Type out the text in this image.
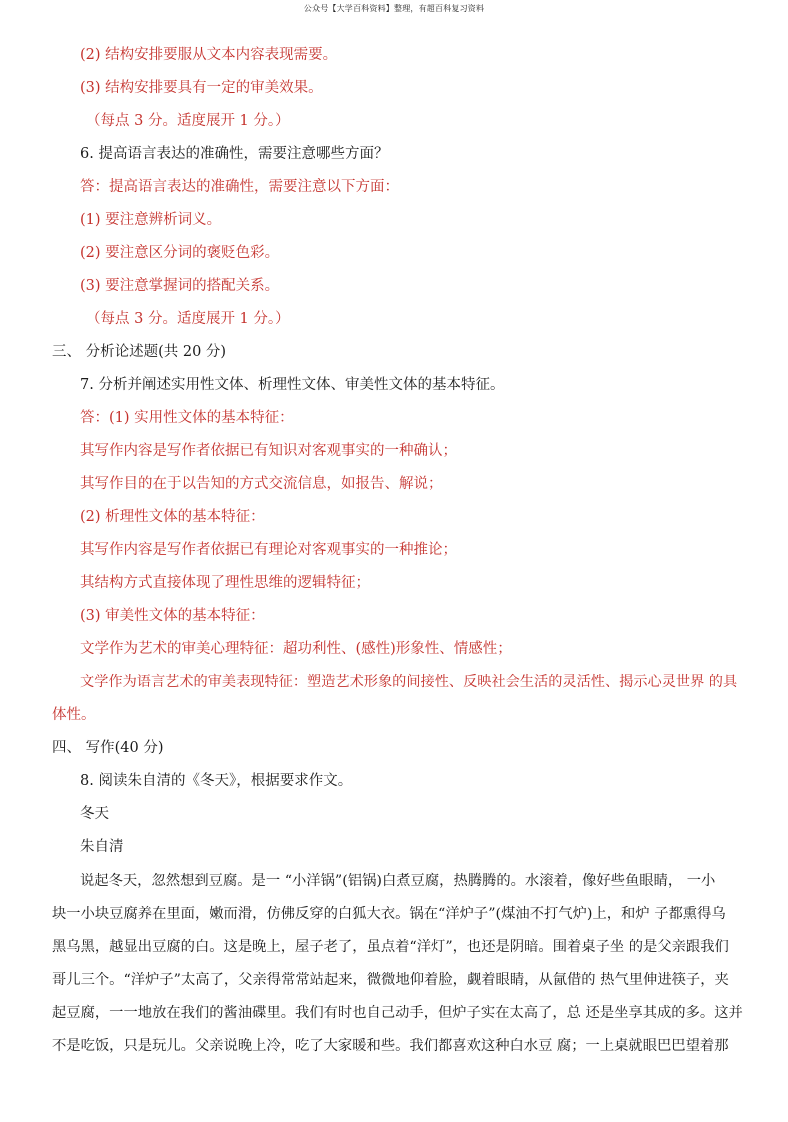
公众号【大学百科资料】整理，有超百科复习资料
(2) 结构安排要服从文本内容表现需要。
(3) 结构安排要具有一定的审美效果。
（每点 3 分。适度展开 1 分。）
6. 提高语言表达的准确性，需要注意哪些方面？
答：提高语言表达的准确性，需要注意以下方面：
(1) 要注意辨析词义。
(2) 要注意区分词的褒贬色彩。
(3) 要注意掌握词的搭配关系。
（每点 3 分。适度展开 1 分。）
三、 分析论述题(共 20 分)
7. 分析并阐述实用性文体、析理性文体、审美性文体的基本特征。
答：(1) 实用性文体的基本特征：
其写作内容是写作者依据已有知识对客观事实的一种确认；
其写作目的在于以告知的方式交流信息，如报告、解说；
(2) 析理性文体的基本特征：
其写作内容是写作者依据已有理论对客观事实的一种推论；
其结构方式直接体现了理性思维的逻辑特征；
(3) 审美性文体的基本特征：
文学作为艺术的审美心理特征：超功利性、(感性)形象性、情感性；
文学作为语言艺术的审美表现特征：塑造艺术形象的间接性、反映社会生活的灵活性、揭示心灵世界 的具
体性。
四、 写作(40 分)
8. 阅读朱自清的《冬天》，根据要求作文。
冬天
朱自清
说起冬天，忽然想到豆腐。是一 “小洋锅”(铝锅)白煮豆腐，热腾腾的。水滚着，像好些鱼眼睛， 一小
块一小块豆腐养在里面，嫩而滑，仿佛反穿的白狐大衣。锅在“洋炉子”(煤油不打气炉)上，和炉 子都熏得乌
黑乌黑，越显出豆腐的白。这是晚上，屋子老了，虽点着“洋灯”，也还是阴暗。围着桌子坐 的是父亲跟我们
哥儿三个。“洋炉子”太高了，父亲得常常站起来，微微地仰着脸，觑着眼睛，从氤借的 热气里伸进筷子，夹
起豆腐，一一地放在我们的酱油碟里。我们有时也自己动手，但炉子实在太高了，总 还是坐享其成的多。这并
不是吃饭，只是玩儿。父亲说晚上冷，吃了大家暖和些。我们都喜欢这种白水豆 腐；一上桌就眼巴巴望着那
